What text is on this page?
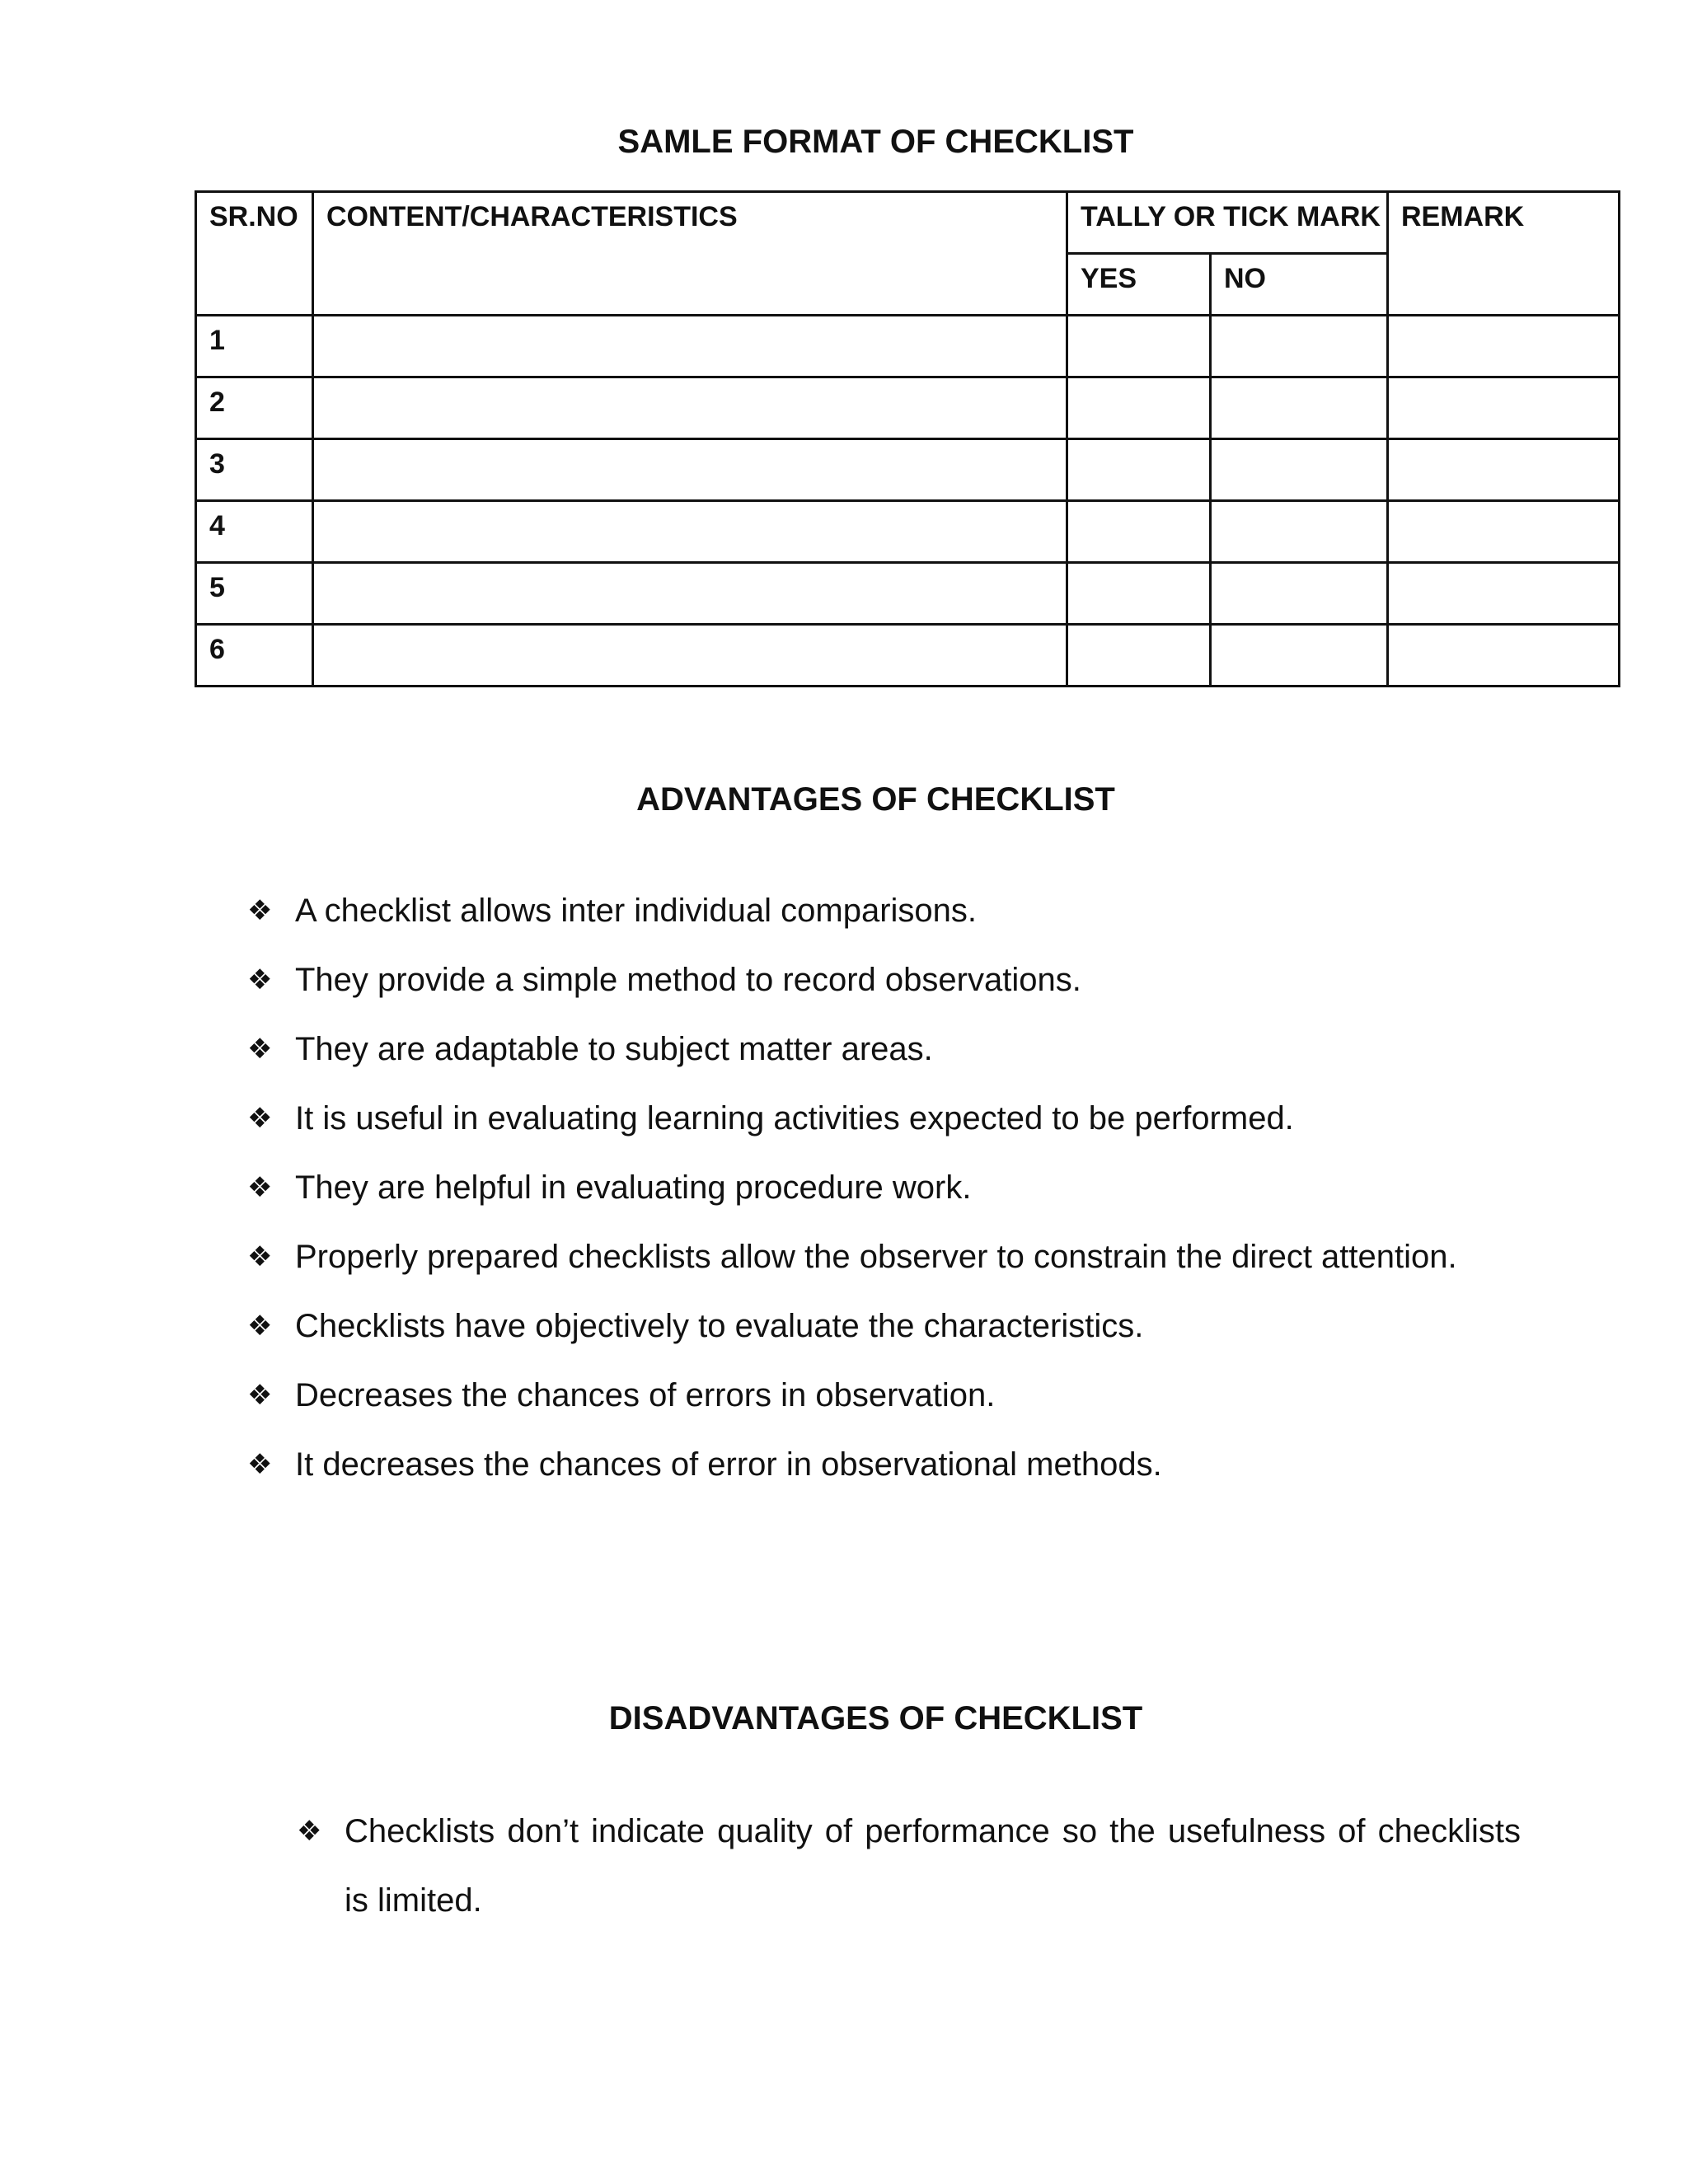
SAMLE FORMAT OF CHECKLIST
SR.NO	CONTENT/CHARACTERISTICS	TALLY OR TICK MARK		REMARK
		YES	NO	
1				
2				
3				
4				
5				
6				
ADVANTAGES OF CHECKLIST
❖ A checklist allows inter individual comparisons.
❖ They provide a simple method to record observations.
❖ They are adaptable to subject matter areas.
❖ It is useful in evaluating learning activities expected to be performed.
❖ They are helpful in evaluating procedure work.
❖ Properly prepared checklists allow the observer to constrain the direct attention.
❖ Checklists have objectively to evaluate the characteristics.
❖ Decreases the chances of errors in observation.
❖ It decreases the chances of error in observational methods.
DISADVANTAGES OF CHECKLIST
❖ Checklists don’t indicate quality of performance so the usefulness of checklists is limited.
